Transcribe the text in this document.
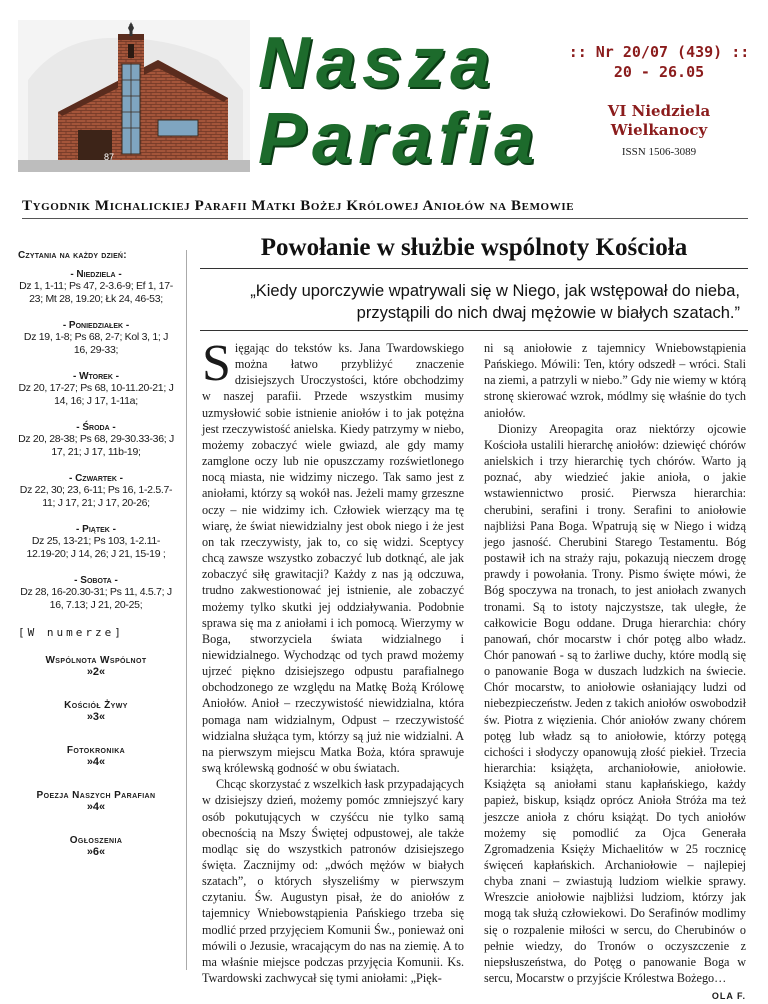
87
Nasza
Parafia
:: Nr 20/07 (439) ::
20 - 26.05
VI Niedziela
Wielkanocy
ISSN 1506-3089
Tygodnik Michalickiej Parafii Matki Bożej Królowej Aniołów na Bemowie
Czytania na każdy dzień:
- Niedziela -
Dz 1, 1-11; Ps 47, 2-3.6-9; Ef 1, 17-23; Mt 28, 19.20; Łk 24, 46-53;
- Poniedziałek -
Dz 19, 1-8; Ps 68, 2-7; Kol 3, 1; J 16, 29-33;
- Wtorek -
Dz 20, 17-27; Ps 68, 10-11.20-21; J 14, 16; J 17, 1-11a;
- Środa -
Dz 20, 28-38; Ps 68, 29-30.33-36; J 17, 21; J 17, 11b-19;
- Czwartek -
Dz 22, 30; 23, 6-11; Ps 16, 1-2.5.7-11; J 17, 21; J 17, 20-26;
- Piątek -
Dz 25, 13-21; Ps 103, 1-2.11-12.19-20; J 14, 26; J 21, 15-19 ;
- Sobota -
Dz 28, 16-20.30-31; Ps 11, 4.5.7; J 16, 7.13; J 21, 20-25;
[W numerze]
Wspólnota Wspólnot
»2«
Kościół Żywy
»3«
Fotokronika
»4«
Poezja Naszych Parafian
»4«
Ogłoszenia
»6«
Powołanie w służbie wspólnoty Kościoła
„Kiedy uporczywie wpatrywali się w Niego, jak wstępował do nieba,
przystąpili do nich dwaj mężowie w białych szatach.”

Sięgając do tekstów ks. Jana Twardowskiego można łatwo przybliżyć znaczenie dzisiejszych Uroczystości, które obchodzimy w naszej parafii. Przede wszystkim musimy uzmysłowić sobie istnienie aniołów i to jak potężna jest rzeczywistość anielska. Kiedy patrzymy w niebo, możemy zobaczyć wiele gwiazd, ale gdy mamy zamglone oczy lub nie opuszczamy rozświetlonego nocą miasta, nie widzimy niczego. Tak samo jest z aniołami, którzy są wokół nas. Jeżeli mamy grzeszne oczy – nie widzimy ich. Człowiek wierzący ma tę wiarę, że świat niewidzialny jest obok niego i że jest on tak rzeczywisty, jak to, co się widzi. Sceptycy chcą zawsze wszystko zobaczyć lub dotknąć, ale jak zobaczyć siłę grawitacji? Każdy z nas ją odczuwa, trudno zakwestionować jej istnienie, ale zobaczyć możemy tylko skutki jej oddziaływania. Podobnie sprawa się ma z aniołami i ich pomocą. Wierzymy w Boga, stworzyciela świata widzialnego i niewidzialnego. Wychodząc od tych prawd możemy ujrzeć piękno dzisiejszego odpustu parafialnego obchodzonego ze względu na Matkę Bożą Królowę Aniołów. Anioł – rzeczywistość niewidzialna, która pomaga nam widzialnym, Odpust – rzeczywistość widzialna służąca tym, którzy są już nie widzialni. A na pierwszym miejscu Matka Boża, która sprawuje swą królewską godność w obu światach.

Chcąc skorzystać z wszelkich łask przypadających w dzisiejszy dzień, możemy pomóc zmniejszyć kary osób pokutujących w czyśćcu nie tylko samą obecnością na Mszy Świętej odpustowej, ale także modląc się do wszystkich patronów dzisiejszego święta. Zacznijmy od: „dwóch mężów w białych szatach”, o których słyszeliśmy w pierwszym czytaniu. Św. Augustyn pisał, że do aniołów z tajemnicy Wniebowstąpienia Pańskiego trzeba się modlić przed przyjęciem Komunii Św., ponieważ oni mówili o Jezusie, wracającym do nas na ziemię. A to ma właśnie miejsce podczas przyjęcia Komunii. Ks. Twardowski zachwycał się tymi aniołami: „Pięk-

ni są aniołowie z tajemnicy Wniebowstąpienia Pańskiego. Mówili: Ten, który odszedł – wróci. Stali na ziemi, a patrzyli w niebo.” Gdy nie wiemy w którą stronę skierować wzrok, módlmy się właśnie do tych aniołów.

Dionizy Areopagita oraz niektórzy ojcowie Kościoła ustalili hierarchę aniołów: dziewięć chórów anielskich i trzy hierarchię tych chórów. Warto ją poznać, aby wiedzieć jakie anioła, o jakie wstawiennictwo prosić. Pierwsza hierarchia: cherubini, serafini i trony. Serafini to aniołowie najbliżsi Pana Boga. Wpatrują się w Niego i widzą jego jasność. Cherubini Starego Testamentu. Bóg postawił ich na straży raju, pokazują nieczem drogę prawdy i powołania. Trony. Pismo święte mówi, że Bóg spoczywa na tronach, to jest aniołach zwanych tronami. Są to istoty najczystsze, tak uległe, że całkowicie Bogu oddane. Druga hierarchia: chóry panowań, chór mocarstw i chór potęg albo władz. Chór panowań - są to żarliwe duchy, które modlą się o panowanie Boga w duszach ludzkich na świecie. Chór mocarstw, to aniołowie osłaniający ludzi od niebezpieczeństw. Jeden z takich aniołów oswobodził św. Piotra z więzienia. Chór aniołów zwany chórem potęg lub władz są to aniołowie, którzy potęgą cichości i słodyczy opanowują złość piekieł. Trzecia hierarchia: książęta, archaniołowie, aniołowie. Książęta są aniołami stanu kapłańskiego, każdy papież, biskup, ksiądz oprócz Anioła Stróża ma też jeszcze anioła z chóru książąt. Do tych aniołów możemy się pomodlić za Ojca Generała Zgromadzenia Księży Michaelitów w 25 rocznicę święceń kapłańskich. Archaniołowie – najlepiej chyba znani – zwiastują ludziom wielkie sprawy. Wreszcie aniołowie najbliżsi ludziom, którzy jak mogą tak służą człowiekowi. Do Serafinów modlimy się o rozpalenie miłości w sercu, do Cherubinów o pełnie wiedzy, do Tronów o oczyszczenie z niepsłuszeństwa, do Potęg o panowanie Boga w sercu, Mocarstw o przyjście Królestwa Bożego…

OLA F.
